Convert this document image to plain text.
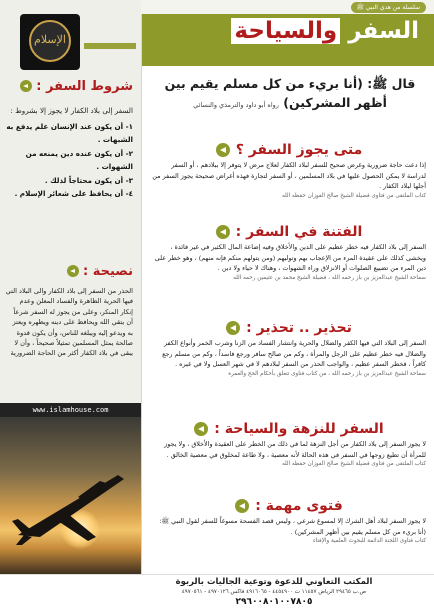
سلسلة من هدي النبي ﷺ
الإسلام
شروط السفر :

السفر إلى بلاد الكفار لا يجوز إلا بشروط :

١- أن يكون عند الإنسان علم يدفع به الشبهات .

٢- أن يكون عنده دين يمنعه من الشهوات .

٣- أن يكون محتاجاً لذلك .

٤- أن يحافظ على شعائر الإسلام .

نصيحة :
الحذر من السفر إلى بلاد الكفار والى البلاد التي فيها الحرية الظاهرة والفساد المعلن وعدم إنكار المنكر، وعلى من يجوز له السفر شرعاً أن يتقي الله ويحافظ على دينه ويظهره ويعتز به ويدعو إليه ويبلغه للناس، وأن يكون قدوة صالحة يمثل المسلمين تمثيلاً صحيحاً ، وأن لا يبقى في بلاد الكفار أكثر من الحاجة الضرورية
www.islamhouse.com
السفر والسياحة
قال ﷺ: (أنا بريء من كل مسلم يقيم بين أظهر المشركين) رواه أبو داود والترمذي والنسائي
متى يجوز السفر ؟
إذا دعت حاجة ضرورية وغرض صحيح للسفر لبلاد الكفار لعلاج مرض لا يتوفر إلا ببلادهم ، أو السفر لدراسة لا يمكن الحصول عليها في بلاد المسلمين ، أو السفر لتجارة فهذه أغراض صحيحة يجوز السفر من أجلها لبلاد الكفار .
كتاب الملتقى من فتاوى فضيلة الشيخ صالح الفوزان حفظه الله
الفتنة في السفر :
السفر إلى بلاد الكفار فيه خطر عظيم على الدين والأخلاق وفيه إضاعة المال الكثير في غير فائدة ، ويخشى كذلك على عقيدة المرء من الإعجاب بهم وتوليهم (ومن يتولهم منكم فإنه منهم) ، وهو خطر على دين المرء من تضييع الصلوات أو الانزلاق وراء الشهوات ، وهناك لا حياء ولا دين .
سماحة الشيخ عبدالعزيز بن باز رحمه الله ، فضيلة الشيخ محمد بن عثيمين رحمه الله
تحذير .. تحذير :
السفر إلى البلاد التي فيها الكفر والضلال والحرية وانتشار الفساد من الزنا وشرب الخمر وأنواع الكفر والضلال فيه خطر عظيم على الرجل والمرأة ، وكم من صالح سافر ورجع فاسداً ، وكم من مسلم رجع كافراً ، فخطر السفر عظيم ، والواجب الحذر من السفر لبلادهم لا في شهر العسل ولا في غيره .
سماحة الشيخ عبدالعزيز بن باز رحمه الله ، من كتاب فتاوى تتعلق بأحكام الحج والعمرة
السفر للنزهة والسياحة :
لا يجوز السفر إلى بلاد الكفار من أجل النزهة لما في ذلك من الخطر على العقيدة والأخلاق ، ولا يجوز للمرأة أن تطيع زوجها في السفر في هذه الحالة لأنه معصية ، ولا طاعة لمخلوق في معصية الخالق .
كتاب الملتقى من فتاوى فضيلة الشيخ صالح الفوزان حفظه الله
فتوى مهمة :
لا يجوز السفر لبلاد أهل الشرك إلا لمسوغ شرعي ، وليس قصد الفسحة مسوغاً للسفر لقول النبي ﷺ: (أنا بريء من كل مسلم يقيم بين أظهر المشركين) .
كتاب فتاوى اللجنة الدائمة للبحوث العلمية والإفتاء
المكتب التعاوني للدعوة وتوعية الجاليات بالربوة
ص.ب ٢٩٤٦٥ الرياض ١١٤٥٧ ت ٤٤٥٤٩٠٠ - ٤٩١٦٠٦٥ فاكس ٤٩٧٠١٢٦ - ٤٩٧٠٥٦١
٢٩٦٠٠٨٠١٠٠٧٨٠٥
